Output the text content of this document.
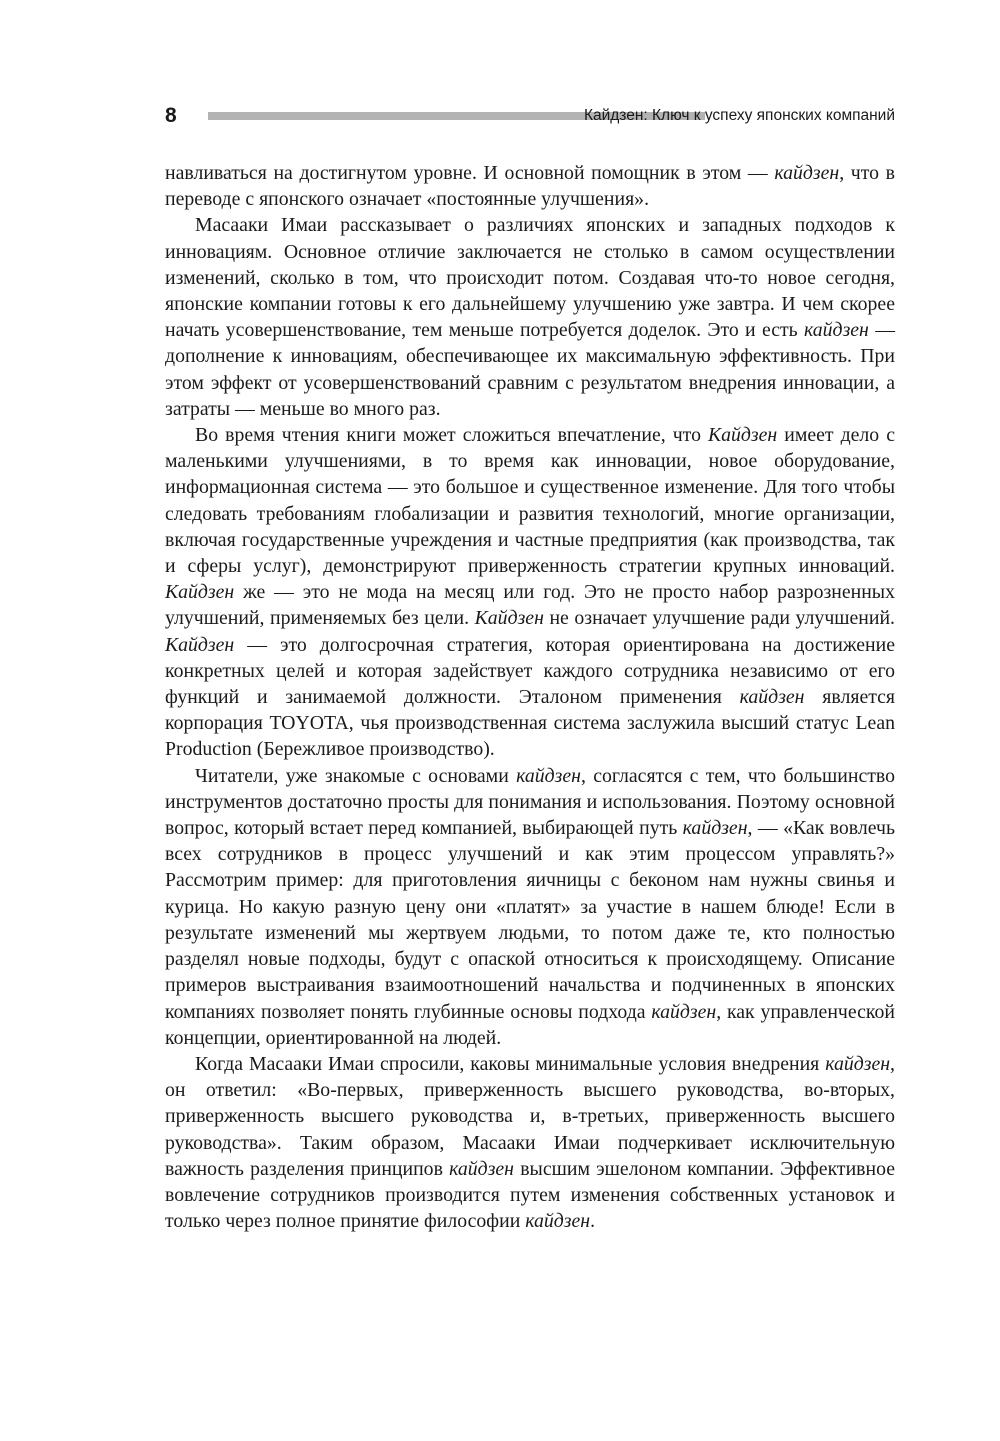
8	Кайдзен: Ключ к успеху японских компаний

навливаться на достигнутом уровне. И основной помощник в этом — кайдзен, что в переводе с японского означает «постоянные улучшения».

Масааки Имаи рассказывает о различиях японских и западных подходов к инновациям. Основное отличие заключается не столько в самом осуществлении изменений, сколько в том, что происходит потом. Создавая что-то новое сегодня, японские компании готовы к его дальнейшему улучшению уже завтра. И чем скорее начать усовершенствование, тем меньше потребуется доделок. Это и есть кайдзен — дополнение к инновациям, обеспечивающее их максимальную эффективность. При этом эффект от усовершенствований сравним с результатом внедрения инновации, а затраты — меньше во много раз.

Во время чтения книги может сложиться впечатление, что Кайдзен имеет дело с маленькими улучшениями, в то время как инновации, новое оборудование, информационная система — это большое и существенное изменение. Для того чтобы следовать требованиям глобализации и развития технологий, многие организации, включая государственные учреждения и частные предприятия (как производства, так и сферы услуг), демонстрируют приверженность стратегии крупных инноваций. Кайдзен же — это не мода на месяц или год. Это не просто набор разрозненных улучшений, применяемых без цели. Кайдзен не означает улучшение ради улучшений. Кайдзен — это долгосрочная стратегия, которая ориентирована на достижение конкретных целей и которая задействует каждого сотрудника независимо от его функций и занимаемой должности. Эталоном применения кайдзен является корпорация TOYOTA, чья производственная система заслужила высший статус Lean Production (Бережливое производство).

Читатели, уже знакомые с основами кайдзен, согласятся с тем, что большинство инструментов достаточно просты для понимания и использования. Поэтому основной вопрос, который встает перед компанией, выбирающей путь кайдзен, — «Как вовлечь всех сотрудников в процесс улучшений и как этим процессом управлять?» Рассмотрим пример: для приготовления яичницы с беконом нам нужны свинья и курица. Но какую разную цену они «платят» за участие в нашем блюде! Если в результате изменений мы жертвуем людьми, то потом даже те, кто полностью разделял новые подходы, будут с опаской относиться к происходящему. Описание примеров выстраивания взаимоотношений начальства и подчиненных в японских компаниях позволяет понять глубинные основы подхода кайдзен, как управленческой концепции, ориентированной на людей.

Когда Масааки Имаи спросили, каковы минимальные условия внедрения кайдзен, он ответил: «Во-первых, приверженность высшего руководства, во-вторых, приверженность высшего руководства и, в-третьих, приверженность высшего руководства». Таким образом, Масааки Имаи подчеркивает исключительную важность разделения принципов кайдзен высшим эшелоном компании. Эффективное вовлечение сотрудников производится путем изменения собственных установок и только через полное принятие философии кайдзен.
